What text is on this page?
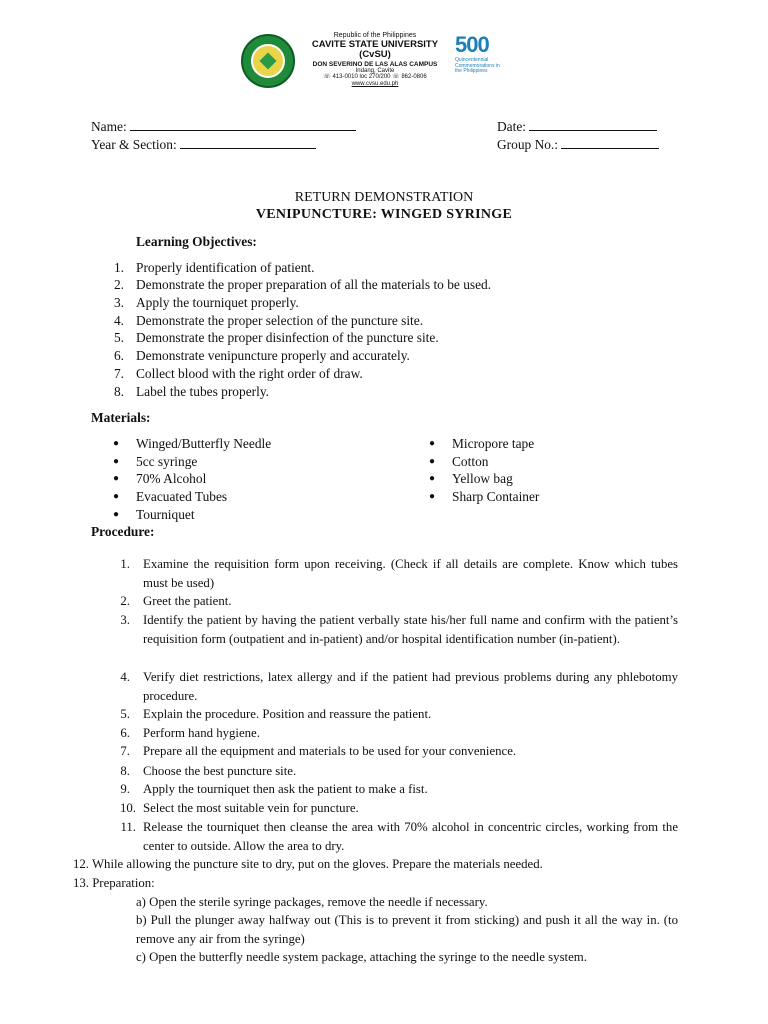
Republic of the Philippines
CAVITE STATE UNIVERSITY
(CvSU)
DON SEVERINO DE LAS ALAS CAMPUS
Indang, Cavite
☏ 413-0010 loc 270/200 ☏ 862-0806
www.cvsu.edu.ph
500
Quincentennial Commemorations in the Philippines
Name:	Date:
Year & Section:	Group No.:
RETURN DEMONSTRATION
VENIPUNCTURE: WINGED SYRINGE
Learning Objectives:
1. Properly identification of patient.
2. Demonstrate the proper preparation of all the materials to be used.
3. Apply the tourniquet properly.
4. Demonstrate the proper selection of the puncture site.
5. Demonstrate the proper disinfection of the puncture site.
6. Demonstrate venipuncture properly and accurately.
7. Collect blood with the right order of draw.
8. Label the tubes properly.
Materials:
● Winged/Butterfly Needle
● 5cc syringe
● 70% Alcohol
● Evacuated Tubes
● Tourniquet
● Micropore tape
● Cotton
● Yellow bag
● Sharp Container
Procedure:
1. Examine the requisition form upon receiving. (Check if all details are complete. Know which tubes must be used)
2. Greet the patient.
3. Identify the patient by having the patient verbally state his/her full name and confirm with the patient’s requisition form (outpatient and in-patient) and/or hospital identification number (in-patient).
4. Verify diet restrictions, latex allergy and if the patient had previous problems during any phlebotomy procedure.
5. Explain the procedure. Position and reassure the patient.
6. Perform hand hygiene.
7. Prepare all the equipment and materials to be used for your convenience.
8. Choose the best puncture site.
9. Apply the tourniquet then ask the patient to make a fist.
10. Select the most suitable vein for puncture.
11. Release the tourniquet then cleanse the area with 70% alcohol in concentric circles, working from the center to outside. Allow the area to dry.
12. While allowing the puncture site to dry, put on the gloves. Prepare the materials needed.
13. Preparation:
a) Open the sterile syringe packages, remove the needle if necessary.
b) Pull the plunger away halfway out (This is to prevent it from sticking) and push it all the way in. (to remove any air from the syringe)
c) Open the butterfly needle system package, attaching the syringe to the needle system.
